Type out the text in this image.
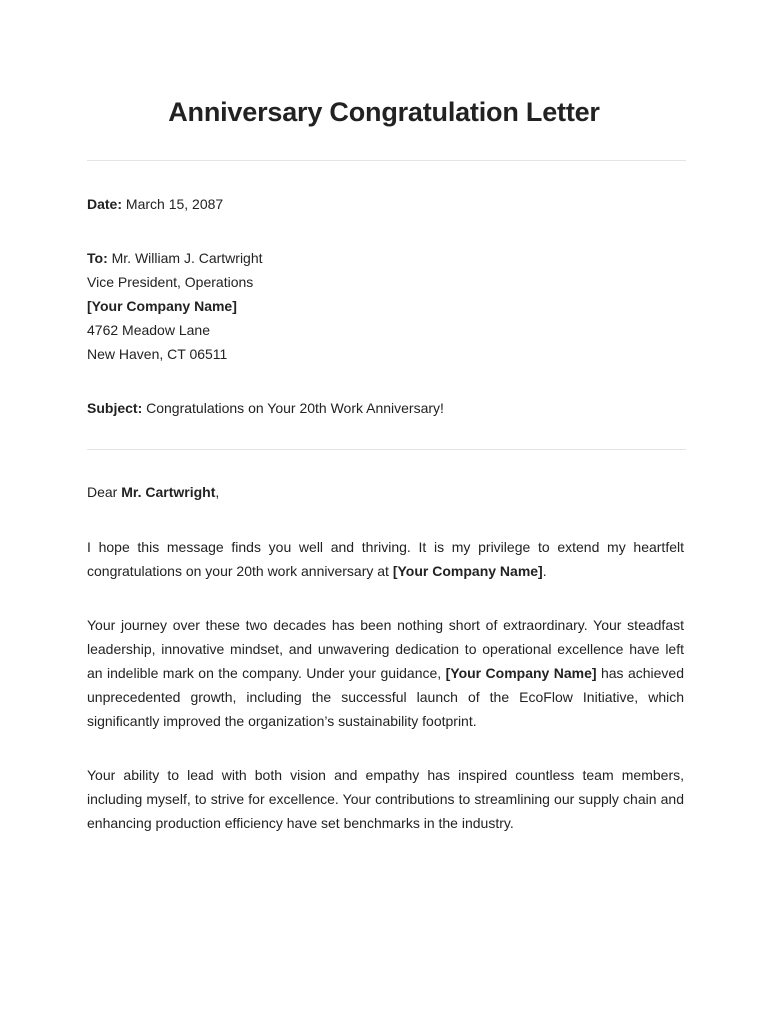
Anniversary Congratulation Letter

Date: March 15, 2087

To: Mr. William J. Cartwright

Vice President, Operations

[Your Company Name]

4762 Meadow Lane

New Haven, CT 06511

Subject: Congratulations on Your 20th Work Anniversary!

Dear Mr. Cartwright,

I hope this message finds you well and thriving. It is my privilege to extend my heartfelt congratulations on your 20th work anniversary at [Your Company Name].

Your journey over these two decades has been nothing short of extraordinary. Your steadfast leadership, innovative mindset, and unwavering dedication to operational excellence have left an indelible mark on the company. Under your guidance, [Your Company Name] has achieved unprecedented growth, including the successful launch of the EcoFlow Initiative, which significantly improved the organization’s sustainability footprint.

Your ability to lead with both vision and empathy has inspired countless team members, including myself, to strive for excellence. Your contributions to streamlining our supply chain and enhancing production efficiency have set benchmarks in the industry.
